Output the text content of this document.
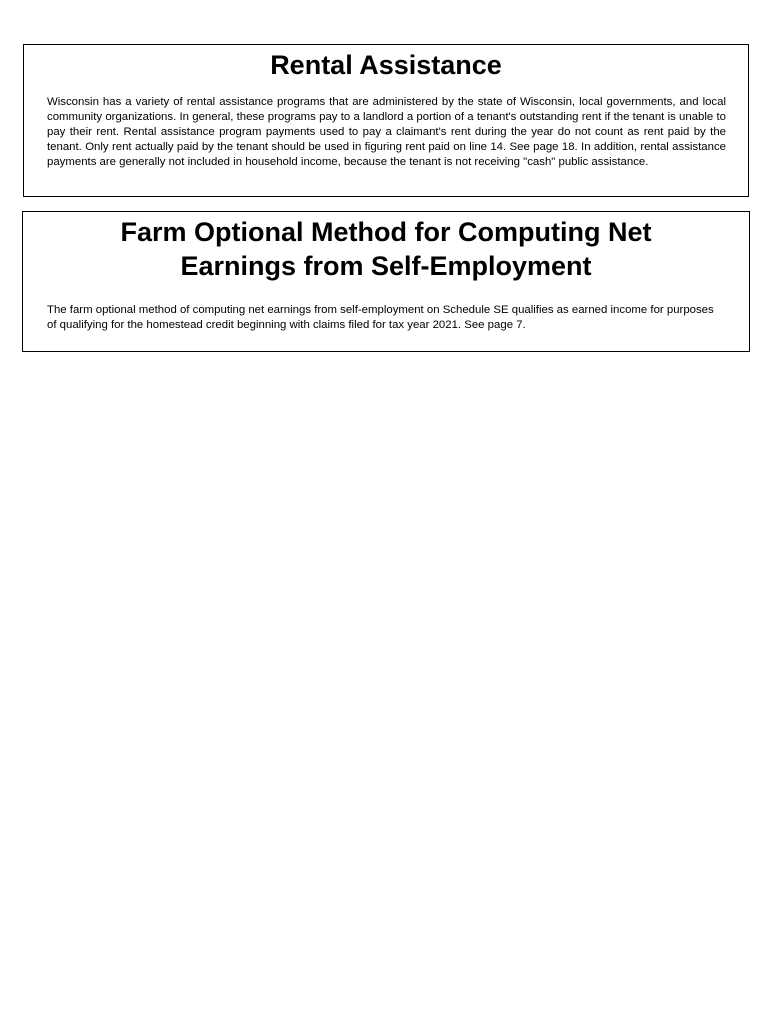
Rental Assistance

Wisconsin has a variety of rental assistance programs that are administered by the state of Wisconsin, local governments, and local community organizations. In general, these programs pay to a landlord a portion of a tenant's outstanding rent if the tenant is unable to pay their rent. Rental assistance program payments used to pay a claimant's rent during the year do not count as rent paid by the tenant. Only rent actually paid by the tenant should be used in figuring rent paid on line 14. See page 18. In addition, rental assistance payments are generally not included in household income, because the tenant is not receiving "cash" public assistance.

Farm Optional Method for Computing Net Earnings from Self-Employment

The farm optional method of computing net earnings from self-employment on Schedule SE qualifies as earned income for purposes of qualifying for the homestead credit beginning with claims filed for tax year 2021. See page 7.
